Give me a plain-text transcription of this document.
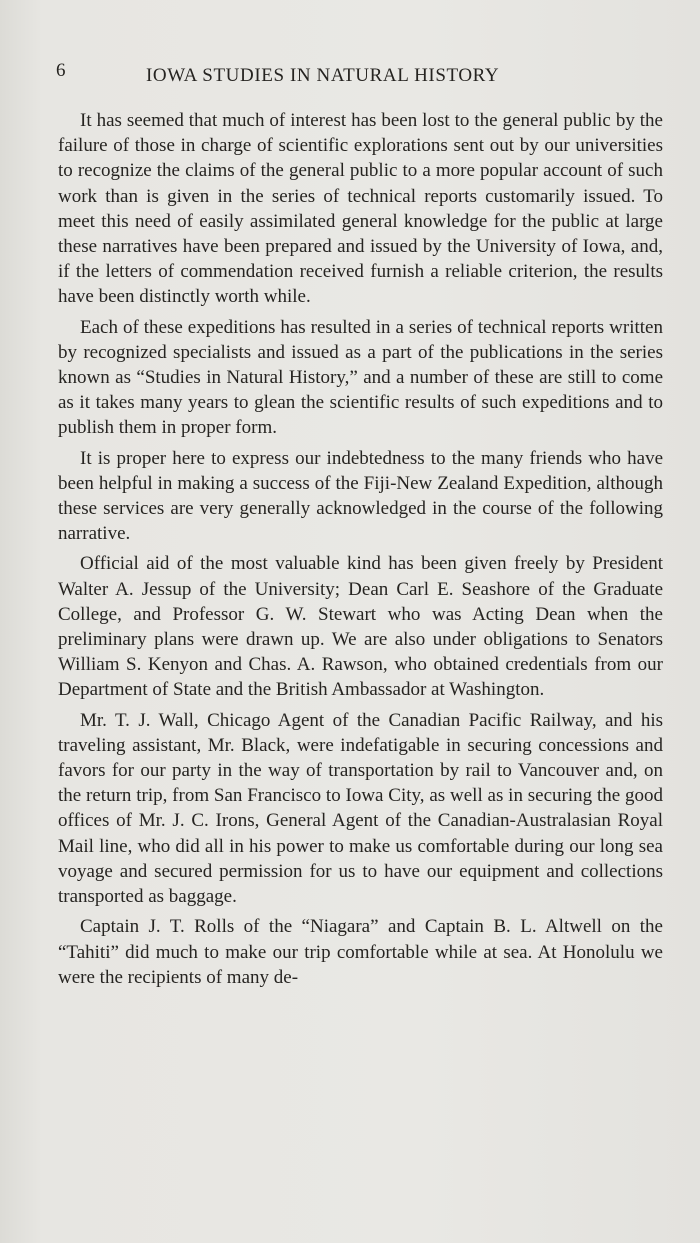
6	IOWA STUDIES IN NATURAL HISTORY

It has seemed that much of interest has been lost to the general public by the failure of those in charge of scientific explorations sent out by our universities to recognize the claims of the general public to a more popular account of such work than is given in the series of technical reports customarily issued. To meet this need of easily assimilated general knowledge for the public at large these narratives have been prepared and issued by the University of Iowa, and, if the letters of commendation received furnish a reliable criterion, the results have been distinctly worth while.

Each of these expeditions has resulted in a series of technical reports written by recognized specialists and issued as a part of the publications in the series known as “Studies in Natural History,” and a number of these are still to come as it takes many years to glean the scientific results of such expeditions and to publish them in proper form.

It is proper here to express our indebtedness to the many friends who have been helpful in making a success of the Fiji-New Zealand Expedition, although these services are very generally acknowledged in the course of the following narrative.

Official aid of the most valuable kind has been given freely by President Walter A. Jessup of the University; Dean Carl E. Seashore of the Graduate College, and Professor G. W. Stewart who was Acting Dean when the preliminary plans were drawn up. We are also under obligations to Senators William S. Kenyon and Chas. A. Rawson, who obtained credentials from our Department of State and the British Ambassador at Washington.

Mr. T. J. Wall, Chicago Agent of the Canadian Pacific Railway, and his traveling assistant, Mr. Black, were indefatigable in securing concessions and favors for our party in the way of transportation by rail to Vancouver and, on the return trip, from San Francisco to Iowa City, as well as in securing the good offices of Mr. J. C. Irons, General Agent of the Canadian-Australasian Royal Mail line, who did all in his power to make us comfortable during our long sea voyage and secured permission for us to have our equipment and collections transported as baggage.

Captain J. T. Rolls of the “Niagara” and Captain B. L. Altwell on the “Tahiti” did much to make our trip comfortable while at sea. At Honolulu we were the recipients of many de-
